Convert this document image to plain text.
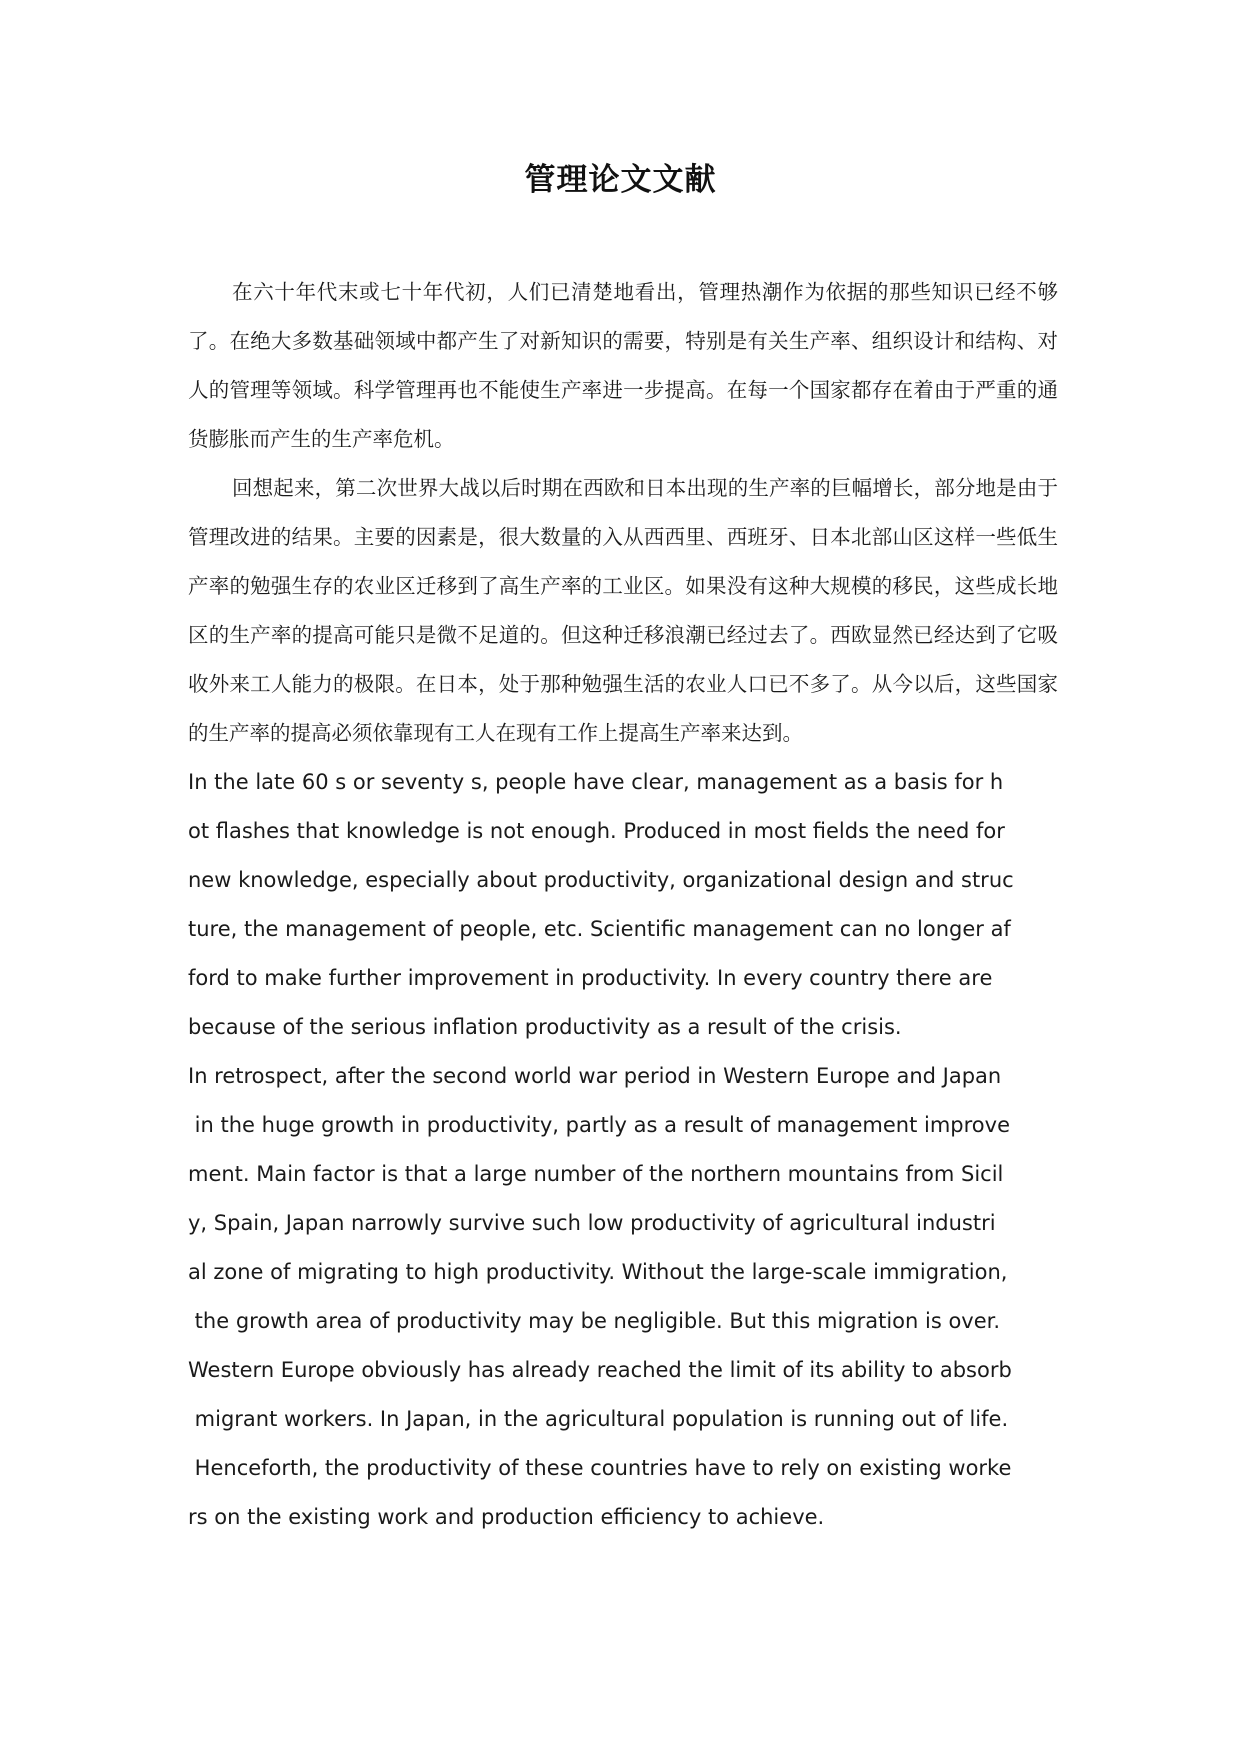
管理论文文献

在六十年代末或七十年代初，人们已清楚地看出，管理热潮作为依据的那些知识已经不够了。在绝大多数基础领域中都产生了对新知识的需要，特别是有关生产率、组织设计和结构、对人的管理等领域。科学管理再也不能使生产率进一步提高。在每一个国家都存在着由于严重的通货膨胀而产生的生产率危机。

回想起来，第二次世界大战以后时期在西欧和日本出现的生产率的巨幅增长，部分地是由于管理改进的结果。主要的因素是，很大数量的入从西西里、西班牙、日本北部山区这样一些低生产率的勉强生存的农业区迁移到了高生产率的工业区。如果没有这种大规模的移民，这些成长地区的生产率的提高可能只是微不足道的。但这种迁移浪潮已经过去了。西欧显然已经达到了它吸收外来工人能力的极限。在日本，处于那种勉强生活的农业人口已不多了。从今以后，这些国家的生产率的提高必须依靠现有工人在现有工作上提高生产率来达到。

In the late 60 s or seventy s, people have clear, management as a basis for h
ot flashes that knowledge is not enough. Produced in most fields the need for
new knowledge, especially about productivity, organizational design and struc
ture, the management of people, etc. Scientific management can no longer af
ford to make further improvement in productivity. In every country there are
because of the serious inflation productivity as a result of the crisis.
In retrospect, after the second world war period in Western Europe and Japan
in the huge growth in productivity, partly as a result of management improve
ment. Main factor is that a large number of the northern mountains from Sicil
y, Spain, Japan narrowly survive such low productivity of agricultural industri
al zone of migrating to high productivity. Without the large-scale immigration,
the growth area of productivity may be negligible. But this migration is over.
Western Europe obviously has already reached the limit of its ability to absorb
migrant workers. In Japan, in the agricultural population is running out of life.
Henceforth, the productivity of these countries have to rely on existing worke
rs on the existing work and production efficiency to achieve.
